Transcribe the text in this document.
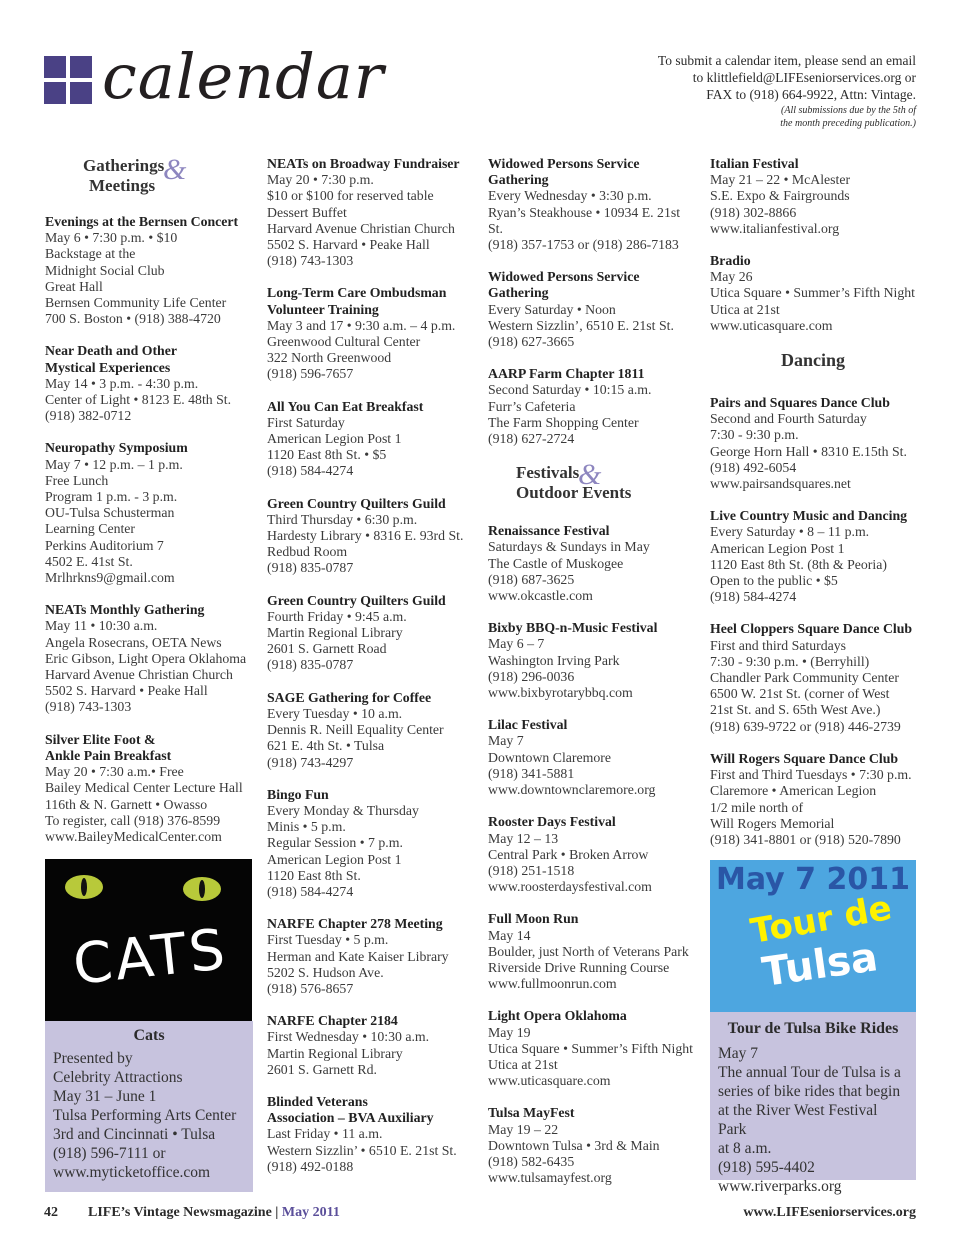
calendar	To submit a calendar item, please send an email
to klittlefield@LIFEseniorservices.org or
FAX to (918) 664-9922, Attn: Vintage.
(All submissions due by the 5th of
the month preceding publication.)
Gatherings
Meetings &
Evenings at the Bernsen Concert
May 6 • 7:30 p.m. • $10
Backstage at the
Midnight Social Club
Great Hall
Bernsen Community Life Center
700 S. Boston • (918) 388-4720
Near Death and Other
Mystical Experiences
May 14 • 3 p.m. - 4:30 p.m.
Center of Light • 8123 E. 48th St.
(918) 382-0712
Neuropathy Symposium
May 7 • 12 p.m. – 1 p.m.
Free Lunch
Program 1 p.m. - 3 p.m.
OU-Tulsa Schusterman
Learning Center
Perkins Auditorium 7
4502 E. 41st St.
Mrlhrkns9@gmail.com
NEATs Monthly Gathering
May 11 • 10:30 a.m.
Angela Rosecrans, OETA News
Eric Gibson, Light Opera Oklahoma
Harvard Avenue Christian Church
5502 S. Harvard • Peake Hall
(918) 743-1303
Silver Elite Foot &
Ankle Pain Breakfast
May 20 • 7:30 a.m.• Free
Bailey Medical Center Lecture Hall
116th & N. Garnett • Owasso
To register, call (918) 376-8599
www.BaileyMedicalCenter.com
CATS
Cats
Presented by
Celebrity Attractions
May 31 – June 1
Tulsa Performing Arts Center
3rd and Cincinnati • Tulsa
(918) 596-7111 or
www.myticketoffice.com
NEATs on Broadway Fundraiser
May 20 • 7:30 p.m.
$10 or $100 for reserved table
Dessert Buffet
Harvard Avenue Christian Church
5502 S. Harvard • Peake Hall
(918) 743-1303
Long-Term Care Ombudsman
Volunteer Training
May 3 and 17 • 9:30 a.m. – 4 p.m.
Greenwood Cultural Center
322 North Greenwood
(918) 596-7657
All You Can Eat Breakfast
First Saturday
American Legion Post 1
1120 East 8th St. • $5
(918) 584-4274
Green Country Quilters Guild
Third Thursday • 6:30 p.m.
Hardesty Library • 8316 E. 93rd St.
Redbud Room
(918) 835-0787
Green Country Quilters Guild
Fourth Friday • 9:45 a.m.
Martin Regional Library
2601 S. Garnett Road
(918) 835-0787
SAGE Gathering for Coffee
Every Tuesday • 10 a.m.
Dennis R. Neill Equality Center
621 E. 4th St. • Tulsa
(918) 743-4297
Bingo Fun
Every Monday & Thursday
Minis • 5 p.m.
Regular Session • 7 p.m.
American Legion Post 1
1120 East 8th St.
(918) 584-4274
NARFE Chapter 278 Meeting
First Tuesday • 5 p.m.
Herman and Kate Kaiser Library
5202 S. Hudson Ave.
(918) 576-8657
NARFE Chapter 2184
First Wednesday • 10:30 a.m.
Martin Regional Library
2601 S. Garnett Rd.
Blinded Veterans
Association – BVA Auxiliary
Last Friday • 11 a.m.
Western Sizzlin’ • 6510 E. 21st St.
(918) 492-0188
Widowed Persons Service Gathering
Every Wednesday • 3:30 p.m.
Ryan’s Steakhouse • 10934 E. 21st St.
(918) 357-1753 or (918) 286-7183
Widowed Persons Service Gathering
Every Saturday • Noon
Western Sizzlin’, 6510 E. 21st St.
(918) 627-3665
AARP Farm Chapter 1811
Second Saturday • 10:15 a.m.
Furr’s Cafeteria
The Farm Shopping Center
(918) 627-2724
Festivals
Outdoor Events
&
Renaissance Festival
Saturdays & Sundays in May
The Castle of Muskogee
(918) 687-3625
www.okcastle.com
Bixby BBQ-n-Music Festival
May 6 – 7
Washington Irving Park
(918) 296-0036
www.bixbyrotarybbq.com
Lilac Festival
May 7
Downtown Claremore
(918) 341-5881
www.downtownclaremore.org
Rooster Days Festival
May 12 – 13
Central Park • Broken Arrow
(918) 251-1518
www.roosterdaysfestival.com
Full Moon Run
May 14
Boulder, just North of Veterans Park
Riverside Drive Running Course
www.fullmoonrun.com
Light Opera Oklahoma
May 19
Utica Square • Summer’s Fifth Night
Utica at 21st
www.uticasquare.com
Tulsa MayFest
May 19 – 22
Downtown Tulsa • 3rd & Main
(918) 582-6435
www.tulsamayfest.org
Italian Festival
May 21 – 22 • McAlester
S.E. Expo & Fairgrounds
(918) 302-8866
www.italianfestival.org
Bradio
May 26
Utica Square • Summer’s Fifth Night
Utica at 21st
www.uticasquare.com
Dancing
Pairs and Squares Dance Club
Second and Fourth Saturday
7:30 - 9:30 p.m.
George Horn Hall • 8310 E.15th St.
(918) 492-6054
www.pairsandsquares.net
Live Country Music and Dancing
Every Saturday • 8 – 11 p.m.
American Legion Post 1
1120 East 8th St. (8th & Peoria)
Open to the public • $5
(918) 584-4274
Heel Cloppers Square Dance Club
First and third Saturdays
7:30 - 9:30 p.m. • (Berryhill)
Chandler Park Community Center
6500 W. 21st St. (corner of West
21st St. and S. 65th West Ave.)
(918) 639-9722 or (918) 446-2739
Will Rogers Square Dance Club
First and Third Tuesdays • 7:30 p.m.
Claremore • American Legion
1/2 mile north of
Will Rogers Memorial
(918) 341-8801 or (918) 520-7890
May 7 2011
Tour de
Tulsa
Tour de Tulsa Bike Rides
May 7
The annual Tour de Tulsa is a
series of bike rides that begin
at the River West Festival Park
at 8 a.m.
(918) 595-4402
www.riverparks.org
42 LIFE’s Vintage Newsmagazine | May 2011	www.LIFEseniorservices.org
